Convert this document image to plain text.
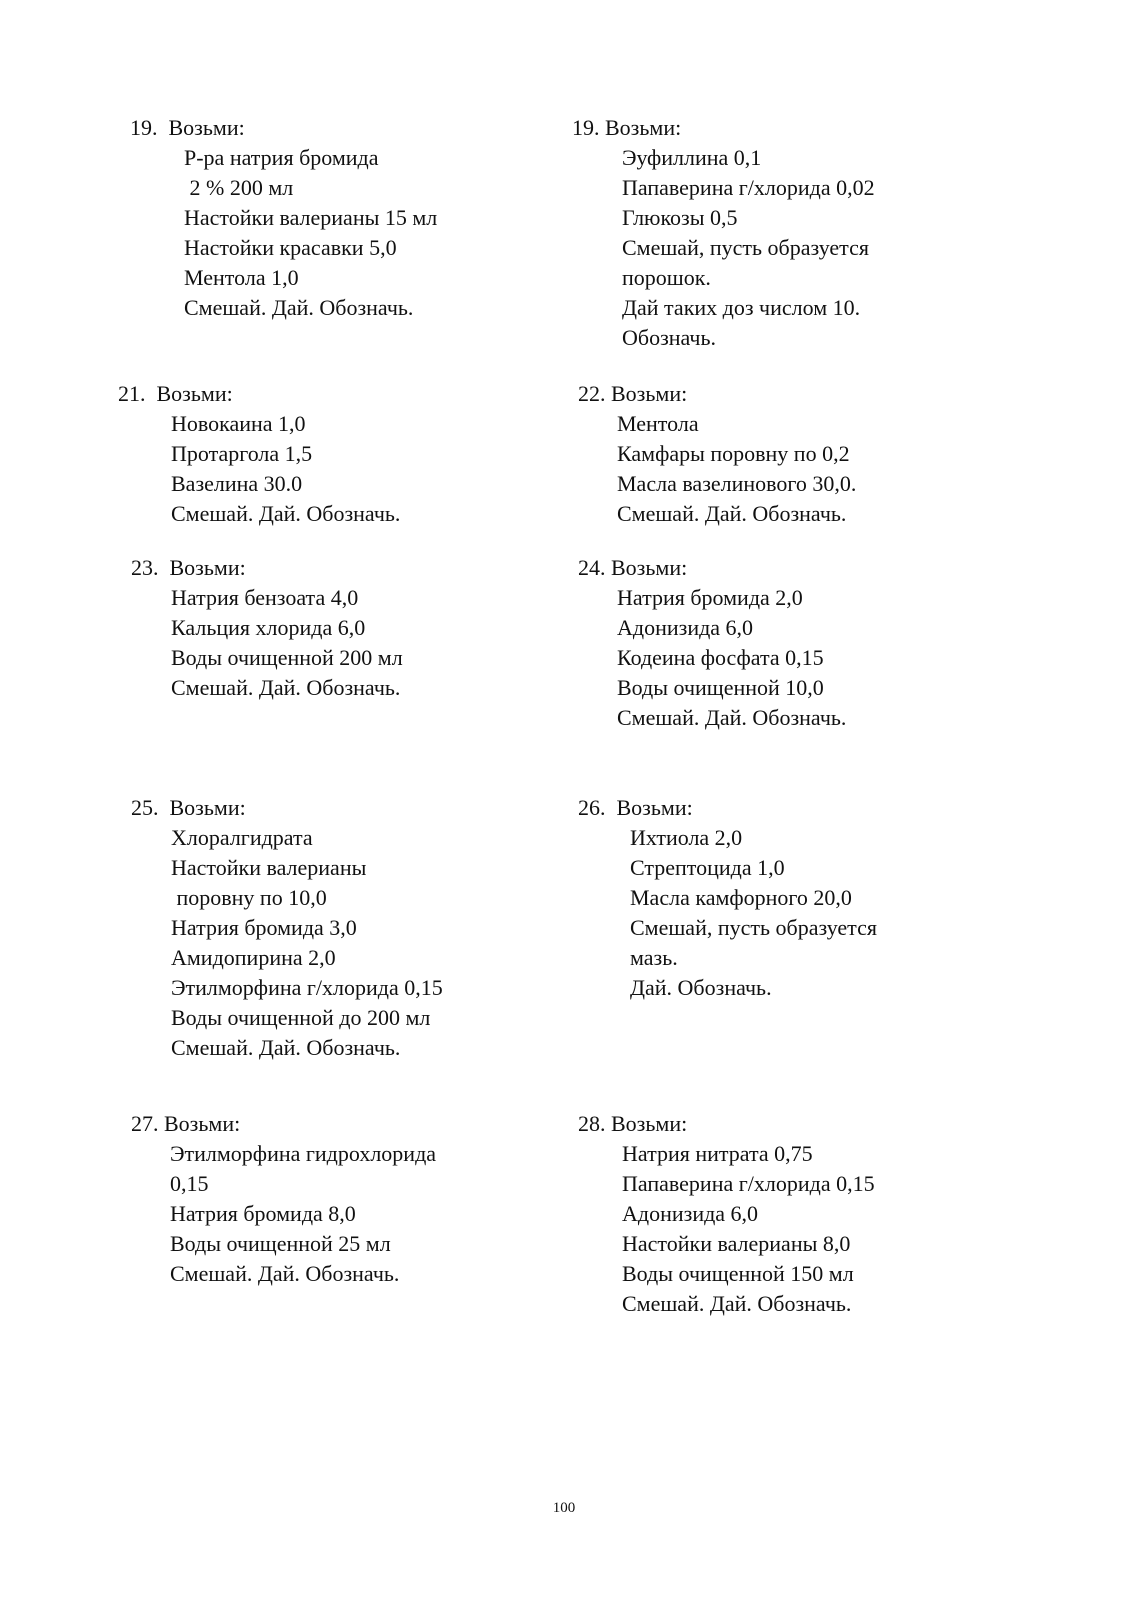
19. Возьми:
Р-ра натрия бромида
2 % 200 мл
Настойки валерианы 15 мл
Настойки красавки 5,0
Ментола 1,0
Смешай. Дай. Обозначь.
19. Возьми:
Эуфиллина 0,1
Папаверина г/хлорида 0,02
Глюкозы 0,5
Смешай, пусть образуется
порошок.
Дай таких доз числом 10.
Обозначь.
21. Возьми:
Новокаина 1,0
Протаргола 1,5
Вазелина 30.0
Смешай. Дай. Обозначь.
22. Возьми:
Ментола
Камфары поровну по 0,2
Масла вазелинового 30,0.
Смешай. Дай. Обозначь.
23. Возьми:
Натрия бензоата 4,0
Кальция хлорида 6,0
Воды очищенной 200 мл
Смешай. Дай. Обозначь.
24. Возьми:
Натрия бромида 2,0
Адонизида 6,0
Кодеина фосфата 0,15
Воды очищенной 10,0
Смешай. Дай. Обозначь.
25. Возьми:
Хлоралгидрата
Настойки валерианы
поровну по 10,0
Натрия бромида 3,0
Амидопирина 2,0
Этилморфина г/хлорида 0,15
Воды очищенной до 200 мл
Смешай. Дай. Обозначь.
26. Возьми:
Ихтиола 2,0
Стрептоцида 1,0
Масла камфорного 20,0
Смешай, пусть образуется
мазь.
Дай. Обозначь.
27. Возьми:
Этилморфина гидрохлорида
0,15
Натрия бромида 8,0
Воды очищенной 25 мл
Смешай. Дай. Обозначь.
28. Возьми:
Натрия нитрата 0,75
Папаверина г/хлорида 0,15
Адонизида 6,0
Настойки валерианы 8,0
Воды очищенной 150 мл
Смешай. Дай. Обозначь.
100
